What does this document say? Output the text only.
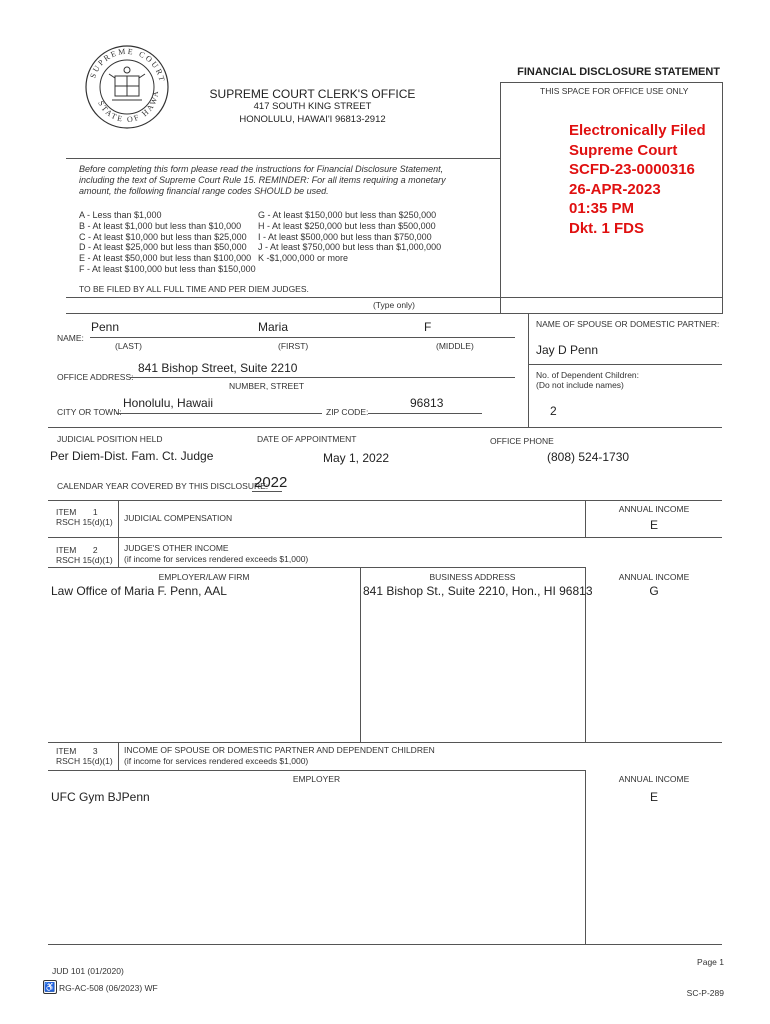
SUPREME COURT
STATE OF HAWA
FINANCIAL DISCLOSURE STATEMENT
SUPREME COURT CLERK'S OFFICE
417 SOUTH KING STREET
HONOLULU, HAWAI'I 96813-2912
THIS SPACE FOR OFFICE USE ONLY
Electronically Filed
Supreme Court
SCFD-23-0000316
26-APR-2023
01:35 PM
Dkt. 1 FDS
Before completing this form please read the instructions for Financial Disclosure Statement,
including the text of Supreme Court Rule 15. REMINDER: For all items requiring a monetary
amount, the following financial range codes SHOULD be used.
A - Less than $1,000
B - At least $1,000 but less than $10,000
C - At least $10,000 but less than $25,000
D - At least $25,000 but less than $50,000
E - At least $50,000 but less than $100,000
F - At least $100,000 but less than $150,000
G - At least $150,000 but less than $250,000
H - At least $250,000 but less than $500,000
I - At least $500,000 but less than $750,000
J - At least $750,000 but less than $1,000,000
K -$1,000,000 or more
TO BE FILED BY ALL FULL TIME AND PER DIEM JUDGES.
(Type only)
NAME:
Penn	Maria	F
(LAST)	(FIRST)	(MIDDLE)
NAME OF SPOUSE OR DOMESTIC PARTNER:
Jay D Penn
No. of Dependent Children:
(Do not include names)
2
OFFICE ADDRESS:
841 Bishop Street, Suite 2210
NUMBER, STREET
CITY OR TOWN:
Honolulu, Hawaii
ZIP CODE:
96813
JUDICIAL POSITION HELD	DATE OF APPOINTMENT	OFFICE PHONE
Per Diem-Dist. Fam. Ct. Judge	May 1, 2022	(808) 524-1730
CALENDAR YEAR COVERED BY THIS DISCLOSURE:
2022
ITEM       1
RSCH 15(d)(1) JUDICIAL COMPENSATION
ANNUAL INCOME
E
ITEM       2
RSCH 15(d)(1)
JUDGE'S OTHER INCOME
(if income for services rendered exceeds $1,000)
EMPLOYER/LAW FIRM	BUSINESS ADDRESS	ANNUAL INCOME
Law Office of Maria F. Penn, AAL	841 Bishop St., Suite 2210, Hon., HI 96813	G
ITEM       3
RSCH 15(d)(1)
INCOME OF SPOUSE OR DOMESTIC PARTNER AND DEPENDENT CHILDREN
(if income for services rendered exceeds $1,000)
EMPLOYER	ANNUAL INCOME
UFC Gym BJPenn	E
Page 1
JUD 101 (01/2020)
♿ RG-AC-508 (06/2023) WF	SC-P-289
